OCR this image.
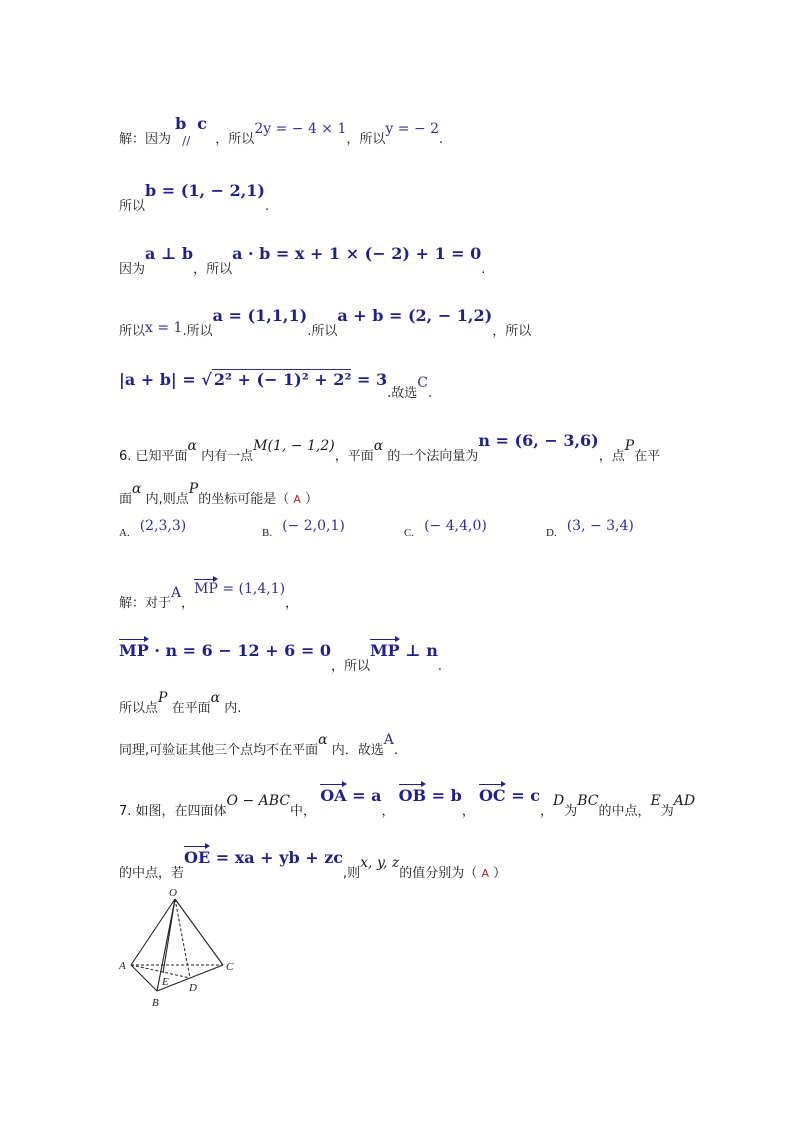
解：因为
b
//
c
，所以2y = − 4 × 1，所以y = − 2.
所以b = (1, − 2,1).
因为a ⊥ b，所以a · b = x + 1 × (− 2) + 1 = 0.
所以x = 1.所以a = (1,1,1).所以a + b = (2, − 1,2)，所以
|a + b| = √ 2² + (− 1)² + 2² = 3.故选C.
6. 已知平面α 内有一点M(1, − 1,2)，平面α 的一个法向量为n = (6, − 3,6)，点P在平
面α 内,则点P的坐标可能是（ A ）
A. (2,3,3)	B. (− 2,0,1)	C. (− 4,4,0)	D. (3, − 3,4)
解：对于A，MP = (1,4,1)，
MP · n = 6 − 12 + 6 = 0，所以MP ⊥ n.
所以点P 在平面α 内.
同理,可验证其他三个点均不在平面α 内．故选A.
7. 如图，在四面体O − ABC中， OA = a， OB = b， OC = c，D为BC的中点，E为AD
的中点，若OE = xa + yb + zc,则x, y, z的值分别为（ A ）
O
A
B
C
D
E
